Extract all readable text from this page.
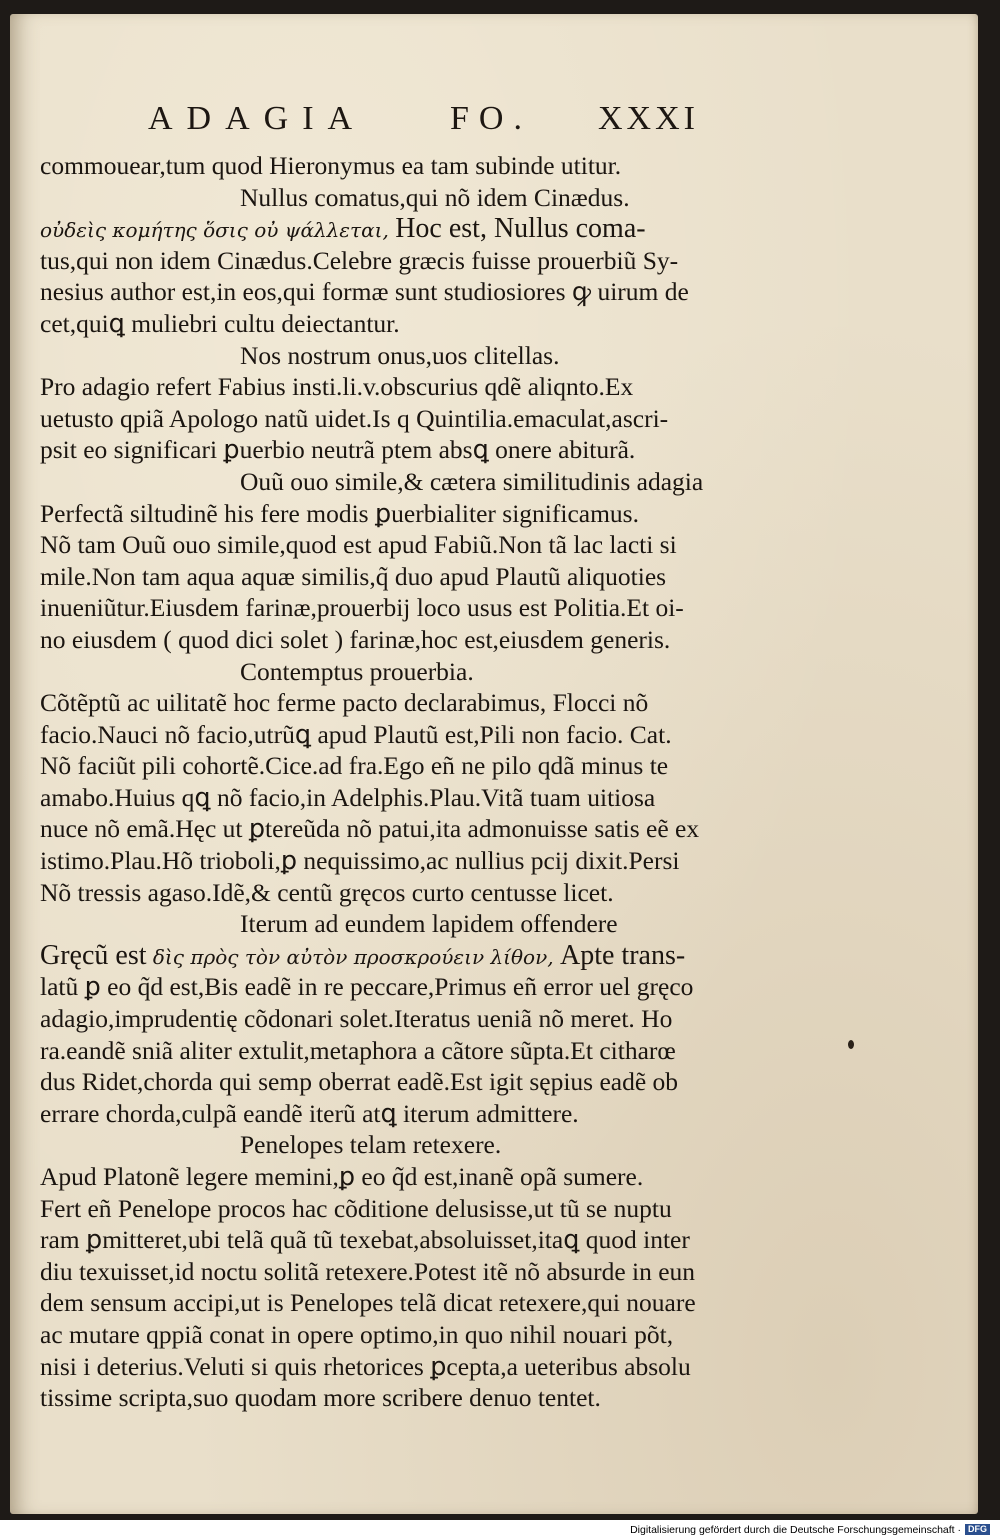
ADAGIA FO. XXXI
commouear,tum quod Hieronymus ea tam subinde utitur.
Nullus comatus,qui nõ idem Cinædus.
οὐδεὶς κομήτης ὅσις οὐ ψάλλεται, Hoc est, Nullus coma-
tus,qui non idem Cinædus.Celebre græcis fuisse prouerbiũ Sy-
nesius author est,in eos,qui formæ sunt studiosiores ꝙ uirum de
cet,quiꝗ muliebri cultu deiectantur.
Nos nostrum onus,uos clitellas.
Pro adagio refert Fabius insti.li.v.obscurius qdẽ aliqnto.Ex
uetusto qpiã Apologo natũ uidet.Is q Quintilia.emaculat,ascri-
psit eo significari ꝑuerbio neutrã ptem absꝗ onere abiturã.
Ouũ ouo simile,& cætera similitudinis adagia
Perfectã siltudinẽ his fere modis ꝑuerbialiter significamus.
Nõ tam Ouũ ouo simile,quod est apud Fabiũ.Non tã lac lacti si
mile.Non tam aqua aquæ similis,q̃ duo apud Plautũ aliquoties
inueniũtur.Eiusdem farinæ,prouerbij loco usus est Politia.Et oi-
no eiusdem ( quod dici solet ) farinæ,hoc est,eiusdem generis.
Contemptus prouerbia.
Cõtẽptũ ac uilitatẽ hoc ferme pacto declarabimus, Flocci nõ
facio.Nauci nõ facio,utrũꝗ apud Plautũ est,Pili non facio. Cat.
Nõ faciũt pili cohortẽ.Cice.ad fra.Ego eñ ne pilo qdã minus te
amabo.Huius qꝗ nõ facio,in Adelphis.Plau.Vitã tuam uitiosa
nuce nõ emã.Hęc ut ꝑtereũda nõ patui,ita admonuisse satis eẽ ex
istimo.Plau.Hõ trioboli,ꝑ nequissimo,ac nullius pcij dixit.Persi
Nõ tressis agaso.Idẽ,& centũ gręcos curto centusse licet.
Iterum ad eundem lapidem offendere
Gręcũ est δὶς πρὸς τὸν αὐτὸν προσκρούειν λίθον, Apte trans-
latũ ꝑ eo q̃d est,Bis eadẽ in re peccare,Primus eñ error uel gręco
adagio,imprudentię cõdonari solet.Iteratus ueniã nõ meret. Ho
ra.eandẽ sniã aliter extulit,metaphora a cãtore sũpta.Et citharœ
dus Ridet,chorda qui semp oberrat eadẽ.Est igit sępius eadẽ ob
errare chorda,culpã eandẽ iterũ atꝗ iterum admittere.
Penelopes telam retexere.
Apud Platonẽ legere memini,ꝑ eo q̃d est,inanẽ opã sumere.
Fert eñ Penelope procos hac cõditione delusisse,ut tũ se nuptu
ram ꝑmitteret,ubi telã quã tũ texebat,absoluisset,itaꝗ quod inter
diu texuisset,id noctu solitã retexere.Potest itẽ nõ absurde in eun
dem sensum accipi,ut is Penelopes telã dicat retexere,qui nouare
ac mutare qppiã conat in opere optimo,in quo nihil nouari põt,
nisi i deterius.Veluti si quis rhetorices ꝑcepta,a ueteribus absolu
tissime scripta,suo quodam more scribere denuo tentet.
Digitalisierung gefördert durch die Deutsche Forschungsgemeinschaft · DFG
